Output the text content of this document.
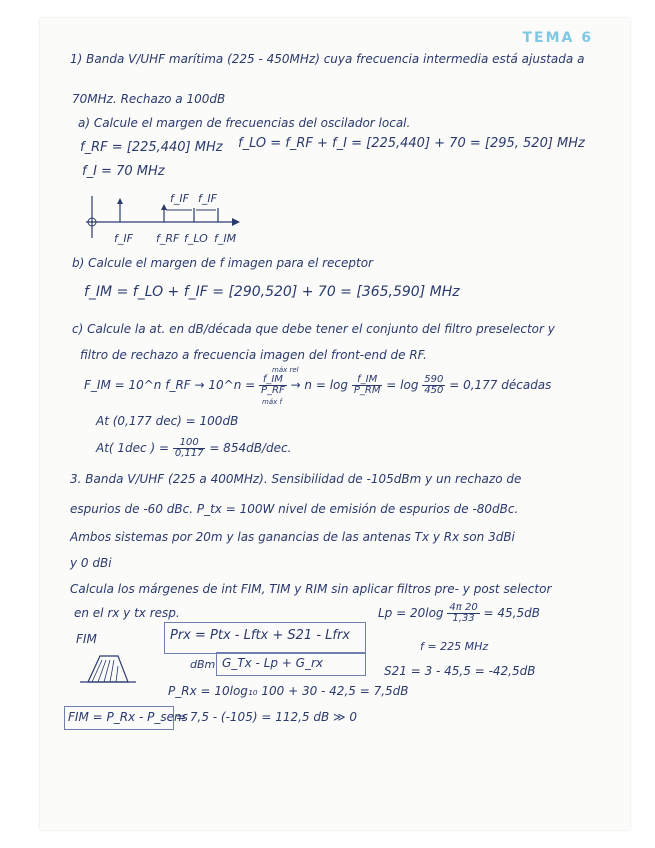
TEMA 6
1) Banda V/UHF marítima (225 - 450MHz) cuya frecuencia intermedia está ajustada a
70MHz. Rechazo a 100dB
a) Calcule el margen de frecuencias del oscilador local.
f_RF = [225,440] MHz f_LO = f_RF + f_I = [225,440] + 70 = [295, 520] MHz
f_I = 70 MHz
f_IF f_IF
f_IF f_RF f_LO f_IM
b) Calcule el margen de f imagen para el receptor
f_IM = f_LO + f_IF = [290,520] + 70 = [365,590] MHz
c) Calcule la at. en dB/década que debe tener el conjunto del filtro preselector y
filtro de rechazo a frecuencia imagen del front-end de RF.
F_IM = 10^n f_RF → 10^n = $\frac{f\_IM}{P\_RF} \to n = \log \frac{f\_IM}{P\_RM} = \log \frac{590}{450} = 0,177$ décadas
máx rel
máx f
At (0,177 dec) = 100dB
At( 1dec ) = $\frac{100}{0,117} = 854dB/dec$.
3. Banda V/UHF (225 a 400MHz). Sensibilidad de -105dBm y un rechazo de
espurios de -60 dBc. P_tx = 100W nivel de emisión de espurios de -80dBc.
Ambos sistemas por 20m y las ganancias de las antenas Tx y Rx son 3dBi
y 0 dBi
Calcula los márgenes de int FIM, TIM y RIM sin aplicar filtros pre- y post selector
en el rx y tx resp.	$Lp = 20\log \frac{4\pi 20}{1,33} = 45,5dB$
f = 225 MHz
FIM	Prx = Ptx - Lftx + S21 - Lfrx
G_Tx - Lp + G_rx
dBm	S21 = 3 - 45,5 = -42,5dB
P_Rx = 10log₁₀ 100 + 30 - 42,5 = 7,5dB
FIM = P_Rx - P_sens
= 7,5 - (-105) = 112,5 dB ≫ 0
